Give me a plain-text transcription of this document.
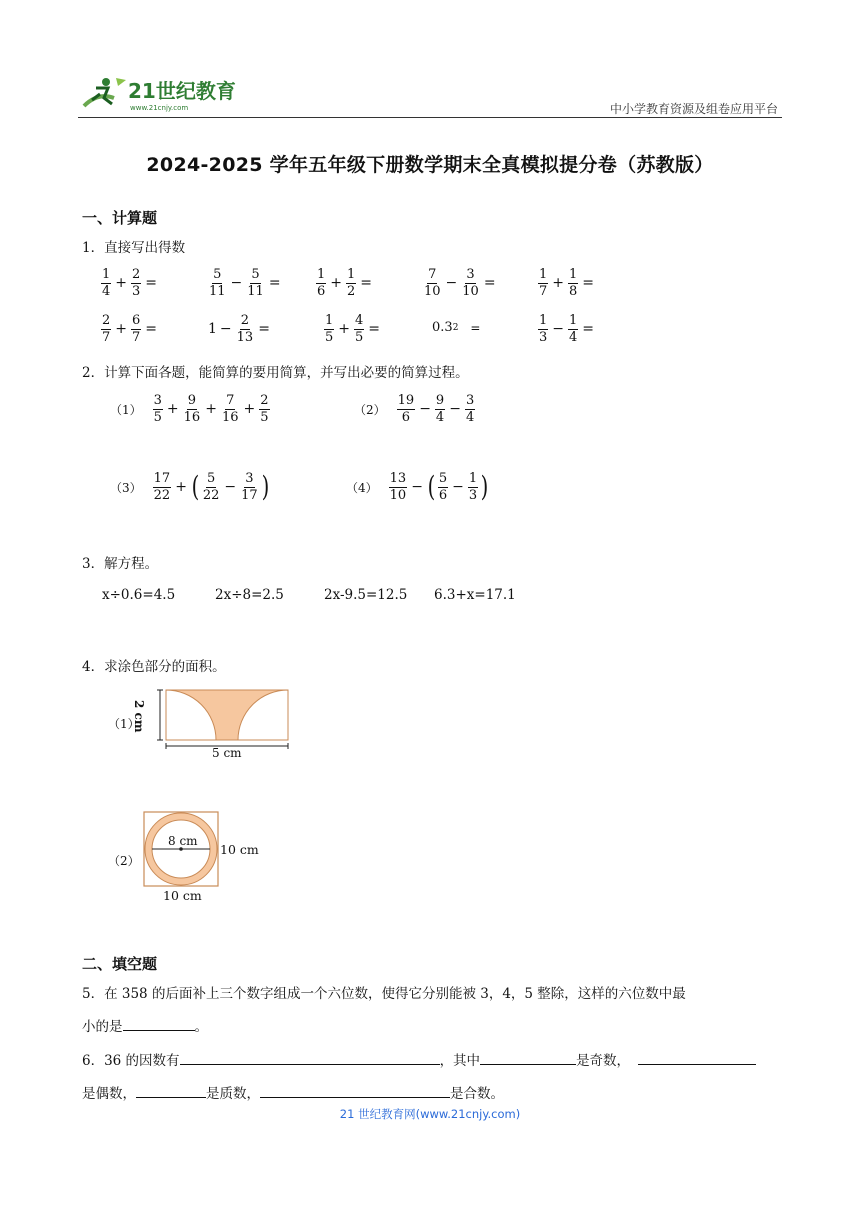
21世纪教育
www.21cnjy.com	中小学教育资源及组卷应用平台
2024-2025 学年五年级下册数学期末全真模拟提分卷（苏教版）
一、计算题
1．直接写出得数
2．计算下面各题，能简算的要用简算，并写出必要的简算过程。
3．解方程。
x÷0.6=4.5	2x÷8=2.5	2x-9.5=12.5 6.3+x=17.1
4．求涂色部分的面积。
（1）
2 cm
5 cm
（2）
8 cm
10 cm
10 cm
二、填空题
5．在 358 的后面补上三个数字组成一个六位数，使得它分别能被 3，4，5 整除，这样的六位数中最
小的是	。
6．36 的因数有	，其中	是奇数，
是偶数，	是质数，	是合数。
21 世纪教育网(www.21cnjy.com)
$\frac{1}{4} + \frac{2}{3}$ =	$\frac{5}{11} - \frac{5}{11}$ =	$\frac{1}{6} + \frac{1}{2}$ =	$\frac{7}{10} - \frac{3}{10}$ =	$\frac{1}{7} + \frac{1}{8}$ =
$\frac{2}{7} + \frac{6}{7}$ =	$1 - \frac{2}{13}$ =	$\frac{1}{5} + \frac{4}{5}$ =	0.3 2 =	$\frac{1}{3} - \frac{1}{4}$ =
$(1) \frac{3}{5} + \frac{9}{16} + \frac{7}{16} + \frac{2}{5}$	$(2) \frac{19}{6} - \frac{9}{4} - \frac{3}{4}$
$(3) \frac{17}{22}$ + ( $\frac{5}{22} - \frac{3}{17}$ )	$(4) \frac{13}{10}$ − ( $\frac{5}{6} - \frac{1}{3}$ )
